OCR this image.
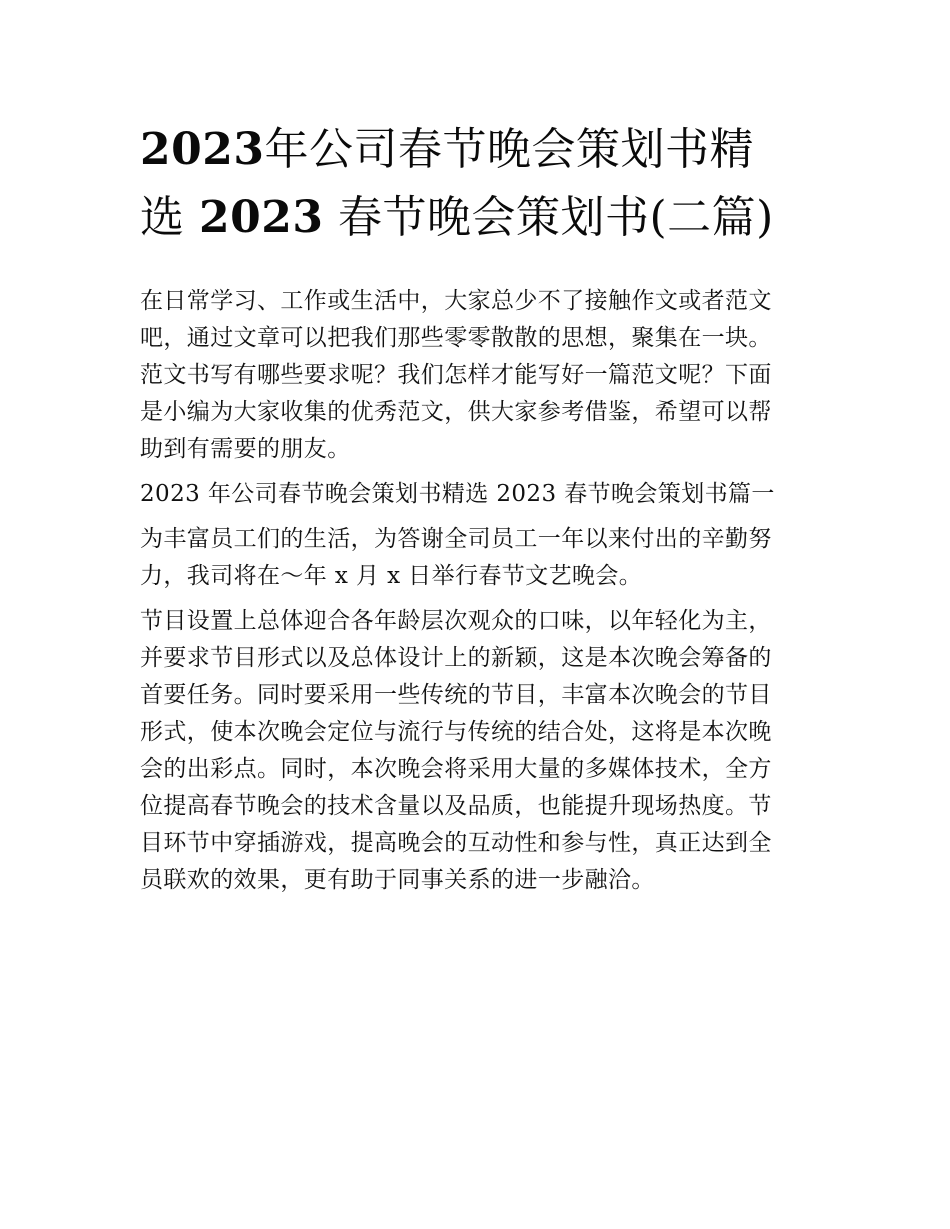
2023年公司春节晚会策划书精
选 2023 春节晚会策划书(二篇)
在日常学习、工作或生活中，大家总少不了接触作文或者范文
吧，通过文章可以把我们那些零零散散的思想，聚集在一块。
范文书写有哪些要求呢？我们怎样才能写好一篇范文呢？下面
是小编为大家收集的优秀范文，供大家参考借鉴，希望可以帮
助到有需要的朋友。
2023 年公司春节晚会策划书精选 2023 春节晚会策划书篇一
为丰富员工们的生活，为答谢全司员工一年以来付出的辛勤努
力，我司将在～年 x 月 x 日举行春节文艺晚会。
节目设置上总体迎合各年龄层次观众的口味，以年轻化为主，
并要求节目形式以及总体设计上的新颖，这是本次晚会筹备的
首要任务。同时要采用一些传统的节目，丰富本次晚会的节目
形式，使本次晚会定位与流行与传统的结合处，这将是本次晚
会的出彩点。同时，本次晚会将采用大量的多媒体技术，全方
位提高春节晚会的技术含量以及品质，也能提升现场热度。节
目环节中穿插游戏，提高晚会的互动性和参与性，真正达到全
员联欢的效果，更有助于同事关系的进一步融洽。
